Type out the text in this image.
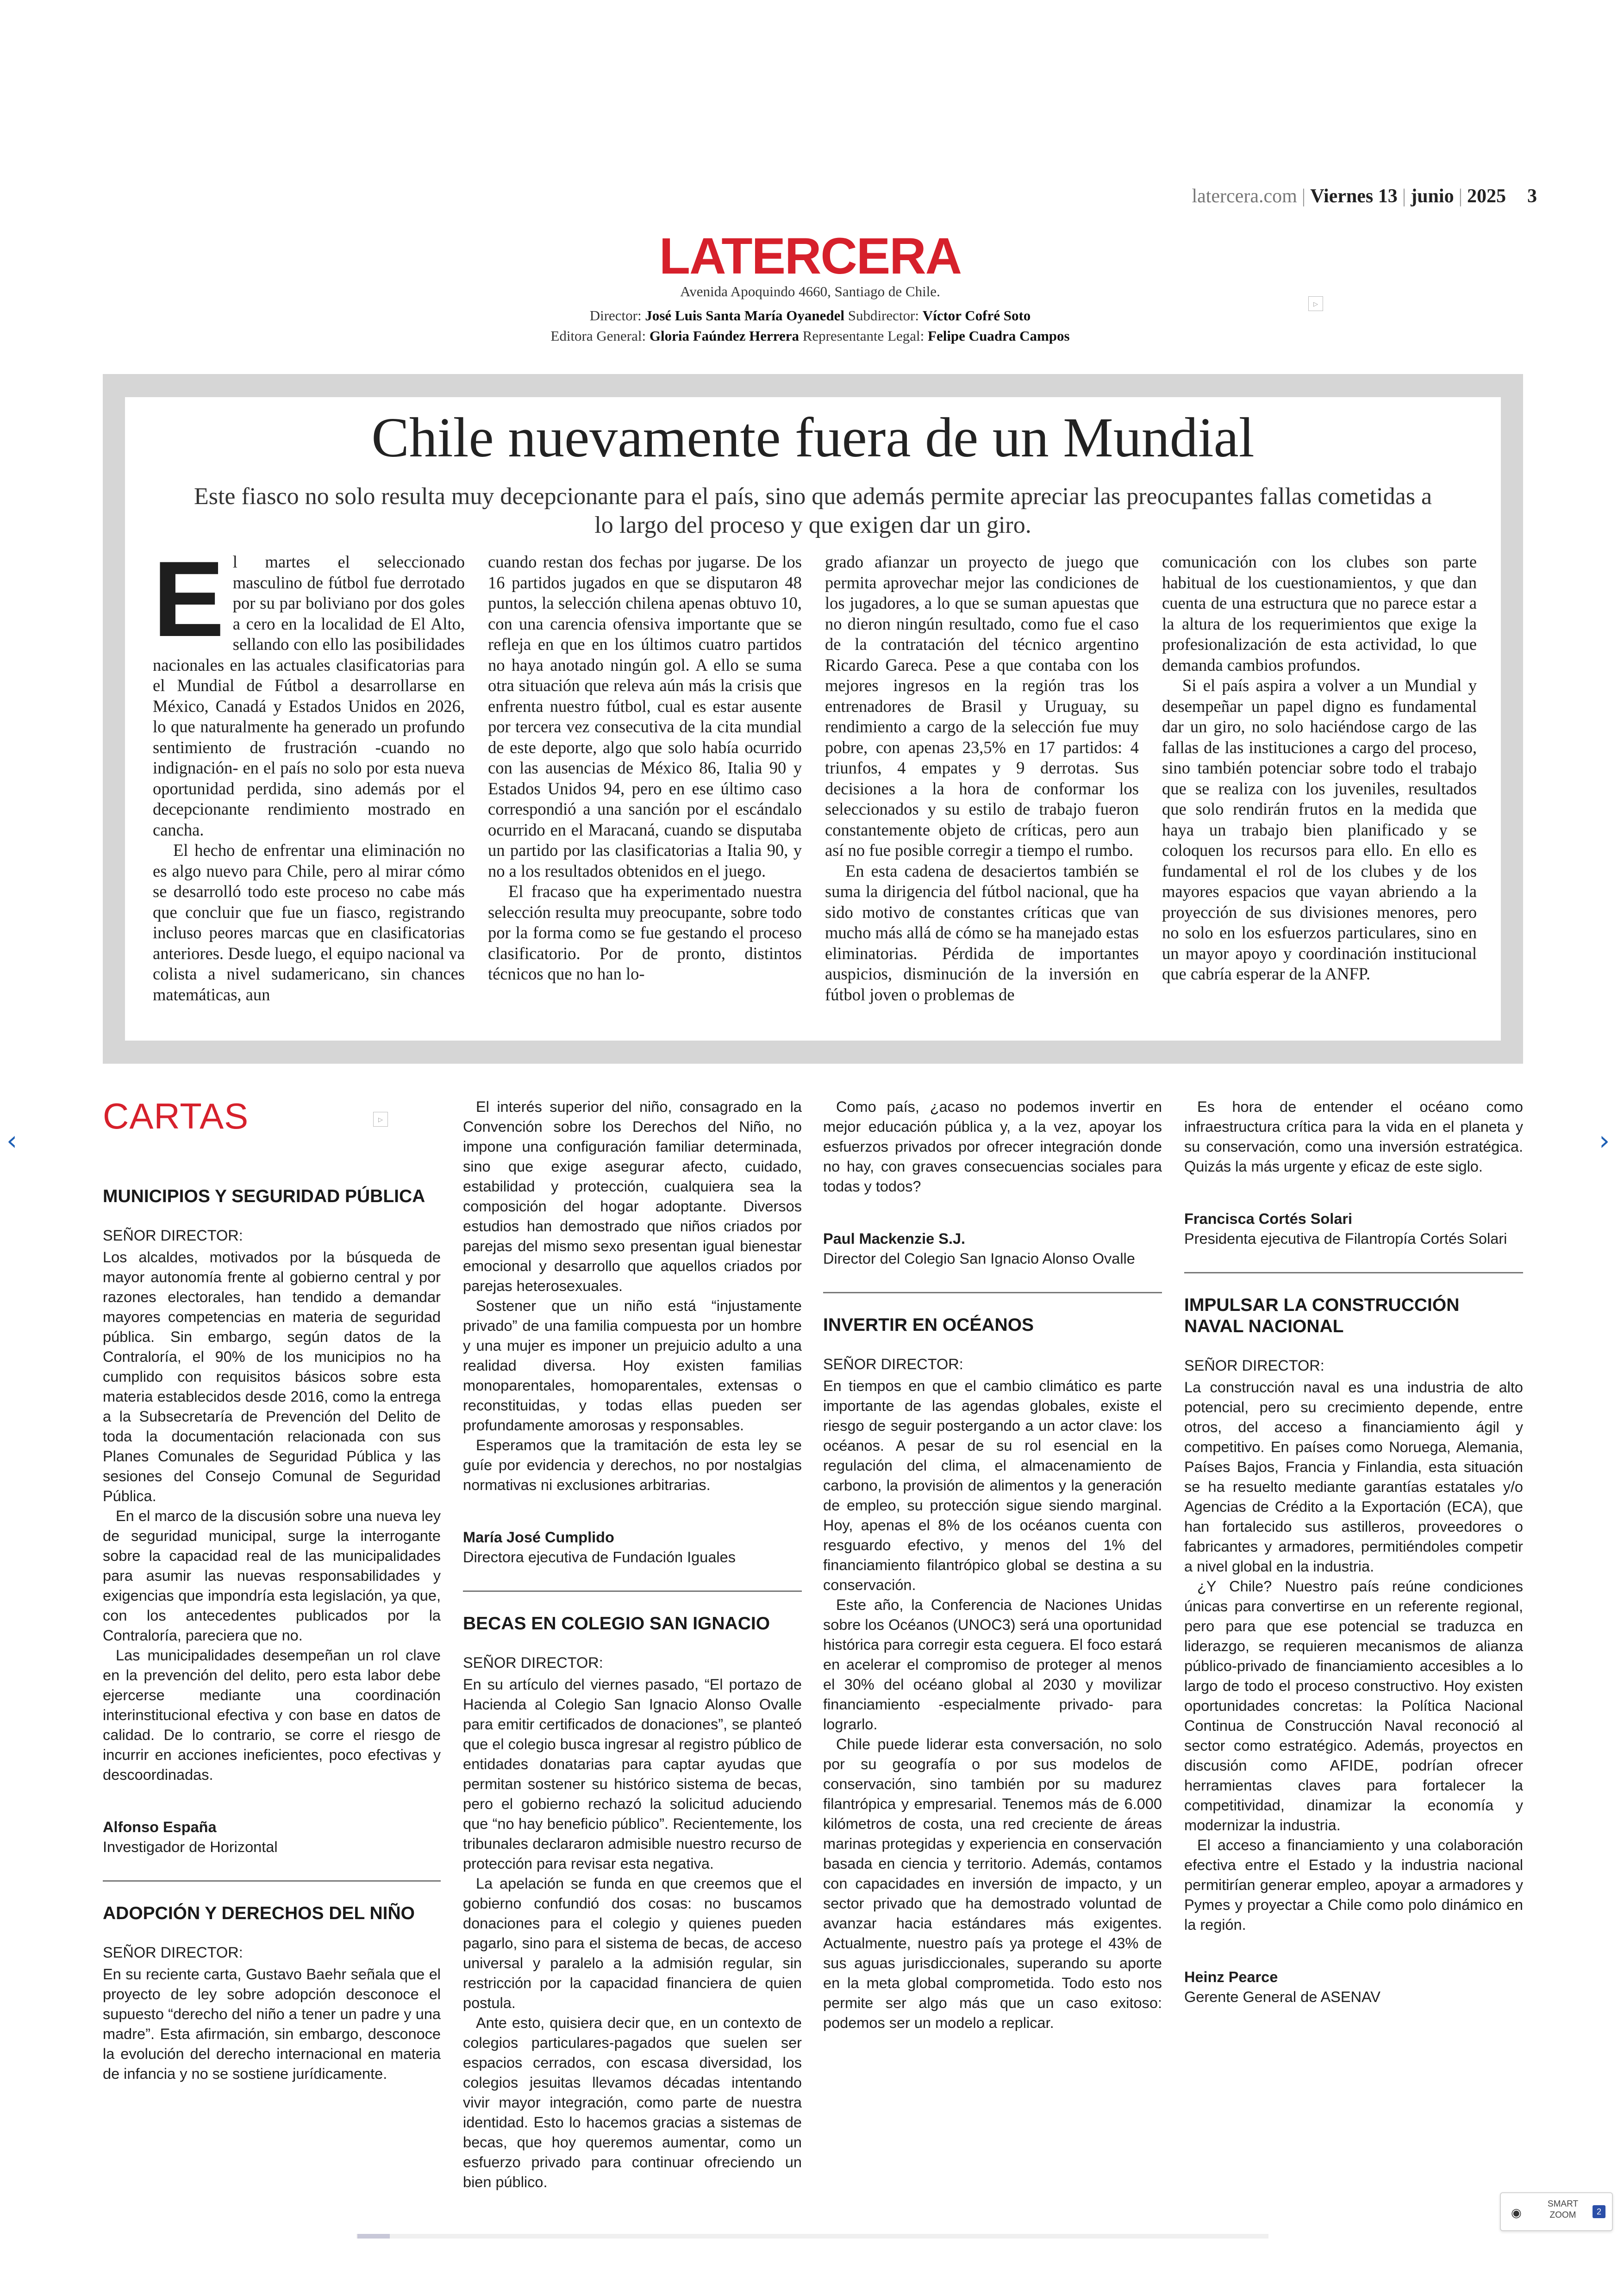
latercera.com | Viernes 13 | junio | 2025 3
LATERCERA
Avenida Apoquindo 4660, Santiago de Chile.
Director: José Luis Santa María Oyanedel Subdirector: Víctor Cofré Soto
Editora General: Gloria Faúndez Herrera Representante Legal: Felipe Cuadra Campos
▷
Chile nuevamente fuera de un Mundial
Este fiasco no solo resulta muy decepcionante para el país, sino que además permite apreciar las preocupantes fallas cometidas a lo largo del proceso y que exigen dar un giro.

El martes el seleccionado masculino de fútbol fue derrotado por su par boliviano por dos goles a cero en la localidad de El Alto, sellando con ello las posibilidades nacionales en las actuales clasificatorias para el Mundial de Fútbol a desarrollarse en México, Canadá y Estados Unidos en 2026, lo que naturalmente ha generado un profundo sentimiento de frustración -cuando no indignación- en el país no solo por esta nueva oportunidad perdida, sino además por el decepcionante rendimiento mostrado en cancha.

El hecho de enfrentar una eliminación no es algo nuevo para Chile, pero al mirar cómo se desarrolló todo este proceso no cabe más que concluir que fue un fiasco, registrando incluso peores marcas que en clasificatorias anteriores. Desde luego, el equipo nacional va colista a nivel sudamericano, sin chances matemáticas, aun

cuando restan dos fechas por jugarse. De los 16 partidos jugados en que se disputaron 48 puntos, la selección chilena apenas obtuvo 10, con una carencia ofensiva importante que se refleja en que en los últimos cuatro partidos no haya anotado ningún gol. A ello se suma otra situación que releva aún más la crisis que enfrenta nuestro fútbol, cual es estar ausente por tercera vez consecutiva de la cita mundial de este deporte, algo que solo había ocurrido con las ausencias de México 86, Italia 90 y Estados Unidos 94, pero en ese último caso correspondió a una sanción por el escándalo ocurrido en el Maracaná, cuando se disputaba un partido por las clasificatorias a Italia 90, y no a los resultados obtenidos en el juego.

El fracaso que ha experimentado nuestra selección resulta muy preocupante, sobre todo por la forma como se fue gestando el proceso clasificatorio. Por de pronto, distintos técnicos que no han lo-

grado afianzar un proyecto de juego que permita aprovechar mejor las condiciones de los jugadores, a lo que se suman apuestas que no dieron ningún resultado, como fue el caso de la contratación del técnico argentino Ricardo Gareca. Pese a que contaba con los mejores ingresos en la región tras los entrenadores de Brasil y Uruguay, su rendimiento a cargo de la selección fue muy pobre, con apenas 23,5% en 17 partidos: 4 triunfos, 4 empates y 9 derrotas. Sus decisiones a la hora de conformar los seleccionados y su estilo de trabajo fueron constantemente objeto de críticas, pero aun así no fue posible corregir a tiempo el rumbo.

En esta cadena de desaciertos también se suma la dirigencia del fútbol nacional, que ha sido motivo de constantes críticas que van mucho más allá de cómo se ha manejado estas eliminatorias. Pérdida de importantes auspicios, disminución de la inversión en fútbol joven o problemas de

comunicación con los clubes son parte habitual de los cuestionamientos, y que dan cuenta de una estructura que no parece estar a la altura de los requerimientos que exige la profesionalización de esta actividad, lo que demanda cambios profundos.

Si el país aspira a volver a un Mundial y desempeñar un papel digno es fundamental dar un giro, no solo haciéndose cargo de las fallas de las instituciones a cargo del proceso, sino también potenciar sobre todo el trabajo que se realiza con los juveniles, resultados que solo rendirán frutos en la medida que haya un trabajo bien planificado y se coloquen los recursos para ello. En ello es fundamental el rol de los clubes y de los mayores espacios que vayan abriendo a la proyección de sus divisiones menores, pero no solo en los esfuerzos particulares, sino en un mayor apoyo y coordinación institucional que cabría esperar de la ANFP.

CARTAS	▷
MUNICIPIOS Y SEGURIDAD PÚBLICA

SEÑOR DIRECTOR:

Los alcaldes, motivados por la búsqueda de mayor autonomía frente al gobierno central y por razones electorales, han tendido a demandar mayores competencias en materia de seguridad pública. Sin embargo, según datos de la Contraloría, el 90% de los municipios no ha cumplido con requisitos básicos sobre esta materia establecidos desde 2016, como la entrega a la Subsecretaría de Prevención del Delito de toda la documentación relacionada con sus Planes Comunales de Seguridad Pública y las sesiones del Consejo Comunal de Seguridad Pública.

En el marco de la discusión sobre una nueva ley de seguridad municipal, surge la interrogante sobre la capacidad real de las municipalidades para asumir las nuevas responsabilidades y exigencias que impondría esta legislación, ya que, con los antecedentes publicados por la Contraloría, pareciera que no.

Las municipalidades desempeñan un rol clave en la prevención del delito, pero esta labor debe ejercerse mediante una coordinación interinstitucional efectiva y con base en datos de calidad. De lo contrario, se corre el riesgo de incurrir en acciones ineficientes, poco efectivas y descoordinadas.

Alfonso España

Investigador de Horizontal

ADOPCIÓN Y DERECHOS DEL NIÑO

SEÑOR DIRECTOR:

En su reciente carta, Gustavo Baehr señala que el proyecto de ley sobre adopción desconoce el supuesto “derecho del niño a tener un padre y una madre”. Esta afirmación, sin embargo, desconoce la evolución del derecho internacional en materia de infancia y no se sostiene jurídicamente.

El interés superior del niño, consagrado en la Convención sobre los Derechos del Niño, no impone una configuración familiar determinada, sino que exige asegurar afecto, cuidado, estabilidad y protección, cualquiera sea la composición del hogar adoptante. Diversos estudios han demostrado que niños criados por parejas del mismo sexo presentan igual bienestar emocional y desarrollo que aquellos criados por parejas heterosexuales.

Sostener que un niño está “injustamente privado” de una familia compuesta por un hombre y una mujer es imponer un prejuicio adulto a una realidad diversa. Hoy existen familias monoparentales, homoparentales, extensas o reconstituidas, y todas ellas pueden ser profundamente amorosas y responsables.

Esperamos que la tramitación de esta ley se guíe por evidencia y derechos, no por nostalgias normativas ni exclusiones arbitrarias.

María José Cumplido

Directora ejecutiva de Fundación Iguales

BECAS EN COLEGIO SAN IGNACIO

SEÑOR DIRECTOR:

En su artículo del viernes pasado, “El portazo de Hacienda al Colegio San Ignacio Alonso Ovalle para emitir certificados de donaciones”, se planteó que el colegio busca ingresar al registro público de entidades donatarias para captar ayudas que permitan sostener su histórico sistema de becas, pero el gobierno rechazó la solicitud aduciendo que “no hay beneficio público”. Recientemente, los tribunales declararon admisible nuestro recurso de protección para revisar esta negativa.

La apelación se funda en que creemos que el gobierno confundió dos cosas: no buscamos donaciones para el colegio y quienes pueden pagarlo, sino para el sistema de becas, de acceso universal y paralelo a la admisión regular, sin restricción por la capacidad financiera de quien postula.

Ante esto, quisiera decir que, en un contexto de colegios particulares-pagados que suelen ser espacios cerrados, con escasa diversidad, los colegios jesuitas llevamos décadas intentando vivir mayor integración, como parte de nuestra identidad. Esto lo hacemos gracias a sistemas de becas, que hoy queremos aumentar, como un esfuerzo privado para continuar ofreciendo un bien público.

Como país, ¿acaso no podemos invertir en mejor educación pública y, a la vez, apoyar los esfuerzos privados por ofrecer integración donde no hay, con graves consecuencias sociales para todas y todos?

Paul Mackenzie S.J.

Director del Colegio San Ignacio Alonso Ovalle

INVERTIR EN OCÉANOS

SEÑOR DIRECTOR:

En tiempos en que el cambio climático es parte importante de las agendas globales, existe el riesgo de seguir postergando a un actor clave: los océanos. A pesar de su rol esencial en la regulación del clima, el almacenamiento de carbono, la provisión de alimentos y la generación de empleo, su protección sigue siendo marginal. Hoy, apenas el 8% de los océanos cuenta con resguardo efectivo, y menos del 1% del financiamiento filantrópico global se destina a su conservación.

Este año, la Conferencia de Naciones Unidas sobre los Océanos (UNOC3) será una oportunidad histórica para corregir esta ceguera. El foco estará en acelerar el compromiso de proteger al menos el 30% del océano global al 2030 y movilizar financiamiento -especialmente privado- para lograrlo.

Chile puede liderar esta conversación, no solo por su geografía o por sus modelos de conservación, sino también por su madurez filantrópica y empresarial. Tenemos más de 6.000 kilómetros de costa, una red creciente de áreas marinas protegidas y experiencia en conservación basada en ciencia y territorio. Además, contamos con capacidades en inversión de impacto, y un sector privado que ha demostrado voluntad de avanzar hacia estándares más exigentes. Actualmente, nuestro país ya protege el 43% de sus aguas jurisdiccionales, superando su aporte en la meta global comprometida. Todo esto nos permite ser algo más que un caso exitoso: podemos ser un modelo a replicar.

Es hora de entender el océano como infraestructura crítica para la vida en el planeta y su conservación, como una inversión estratégica. Quizás la más urgente y eficaz de este siglo.

Francisca Cortés Solari

Presidenta ejecutiva de Filantropía Cortés Solari

IMPULSAR LA CONSTRUCCIÓN NAVAL NACIONAL

SEÑOR DIRECTOR:

La construcción naval es una industria de alto potencial, pero su crecimiento depende, entre otros, del acceso a financiamiento ágil y competitivo. En países como Noruega, Alemania, Países Bajos, Francia y Finlandia, esta situación se ha resuelto mediante garantías estatales y/o Agencias de Crédito a la Exportación (ECA), que han fortalecido sus astilleros, proveedores o fabricantes y armadores, permitiéndoles competir a nivel global en la industria.

¿Y Chile? Nuestro país reúne condiciones únicas para convertirse en un referente regional, pero para que ese potencial se traduzca en liderazgo, se requieren mecanismos de alianza público-privado de financiamiento accesibles a lo largo de todo el proceso constructivo. Hoy existen oportunidades concretas: la Política Nacional Continua de Construcción Naval reconoció al sector como estratégico. Además, proyectos en discusión como AFIDE, podrían ofrecer herramientas claves para fortalecer la competitividad, dinamizar la economía y modernizar la industria.

El acceso a financiamiento y una colaboración efectiva entre el Estado y la industria nacional permitirían generar empleo, apoyar a armadores y Pymes y proyectar a Chile como polo dinámico en la región.

Heinz Pearce

Gerente General de ASENAV

‹	›
◉
SMART
ZOOM	2
